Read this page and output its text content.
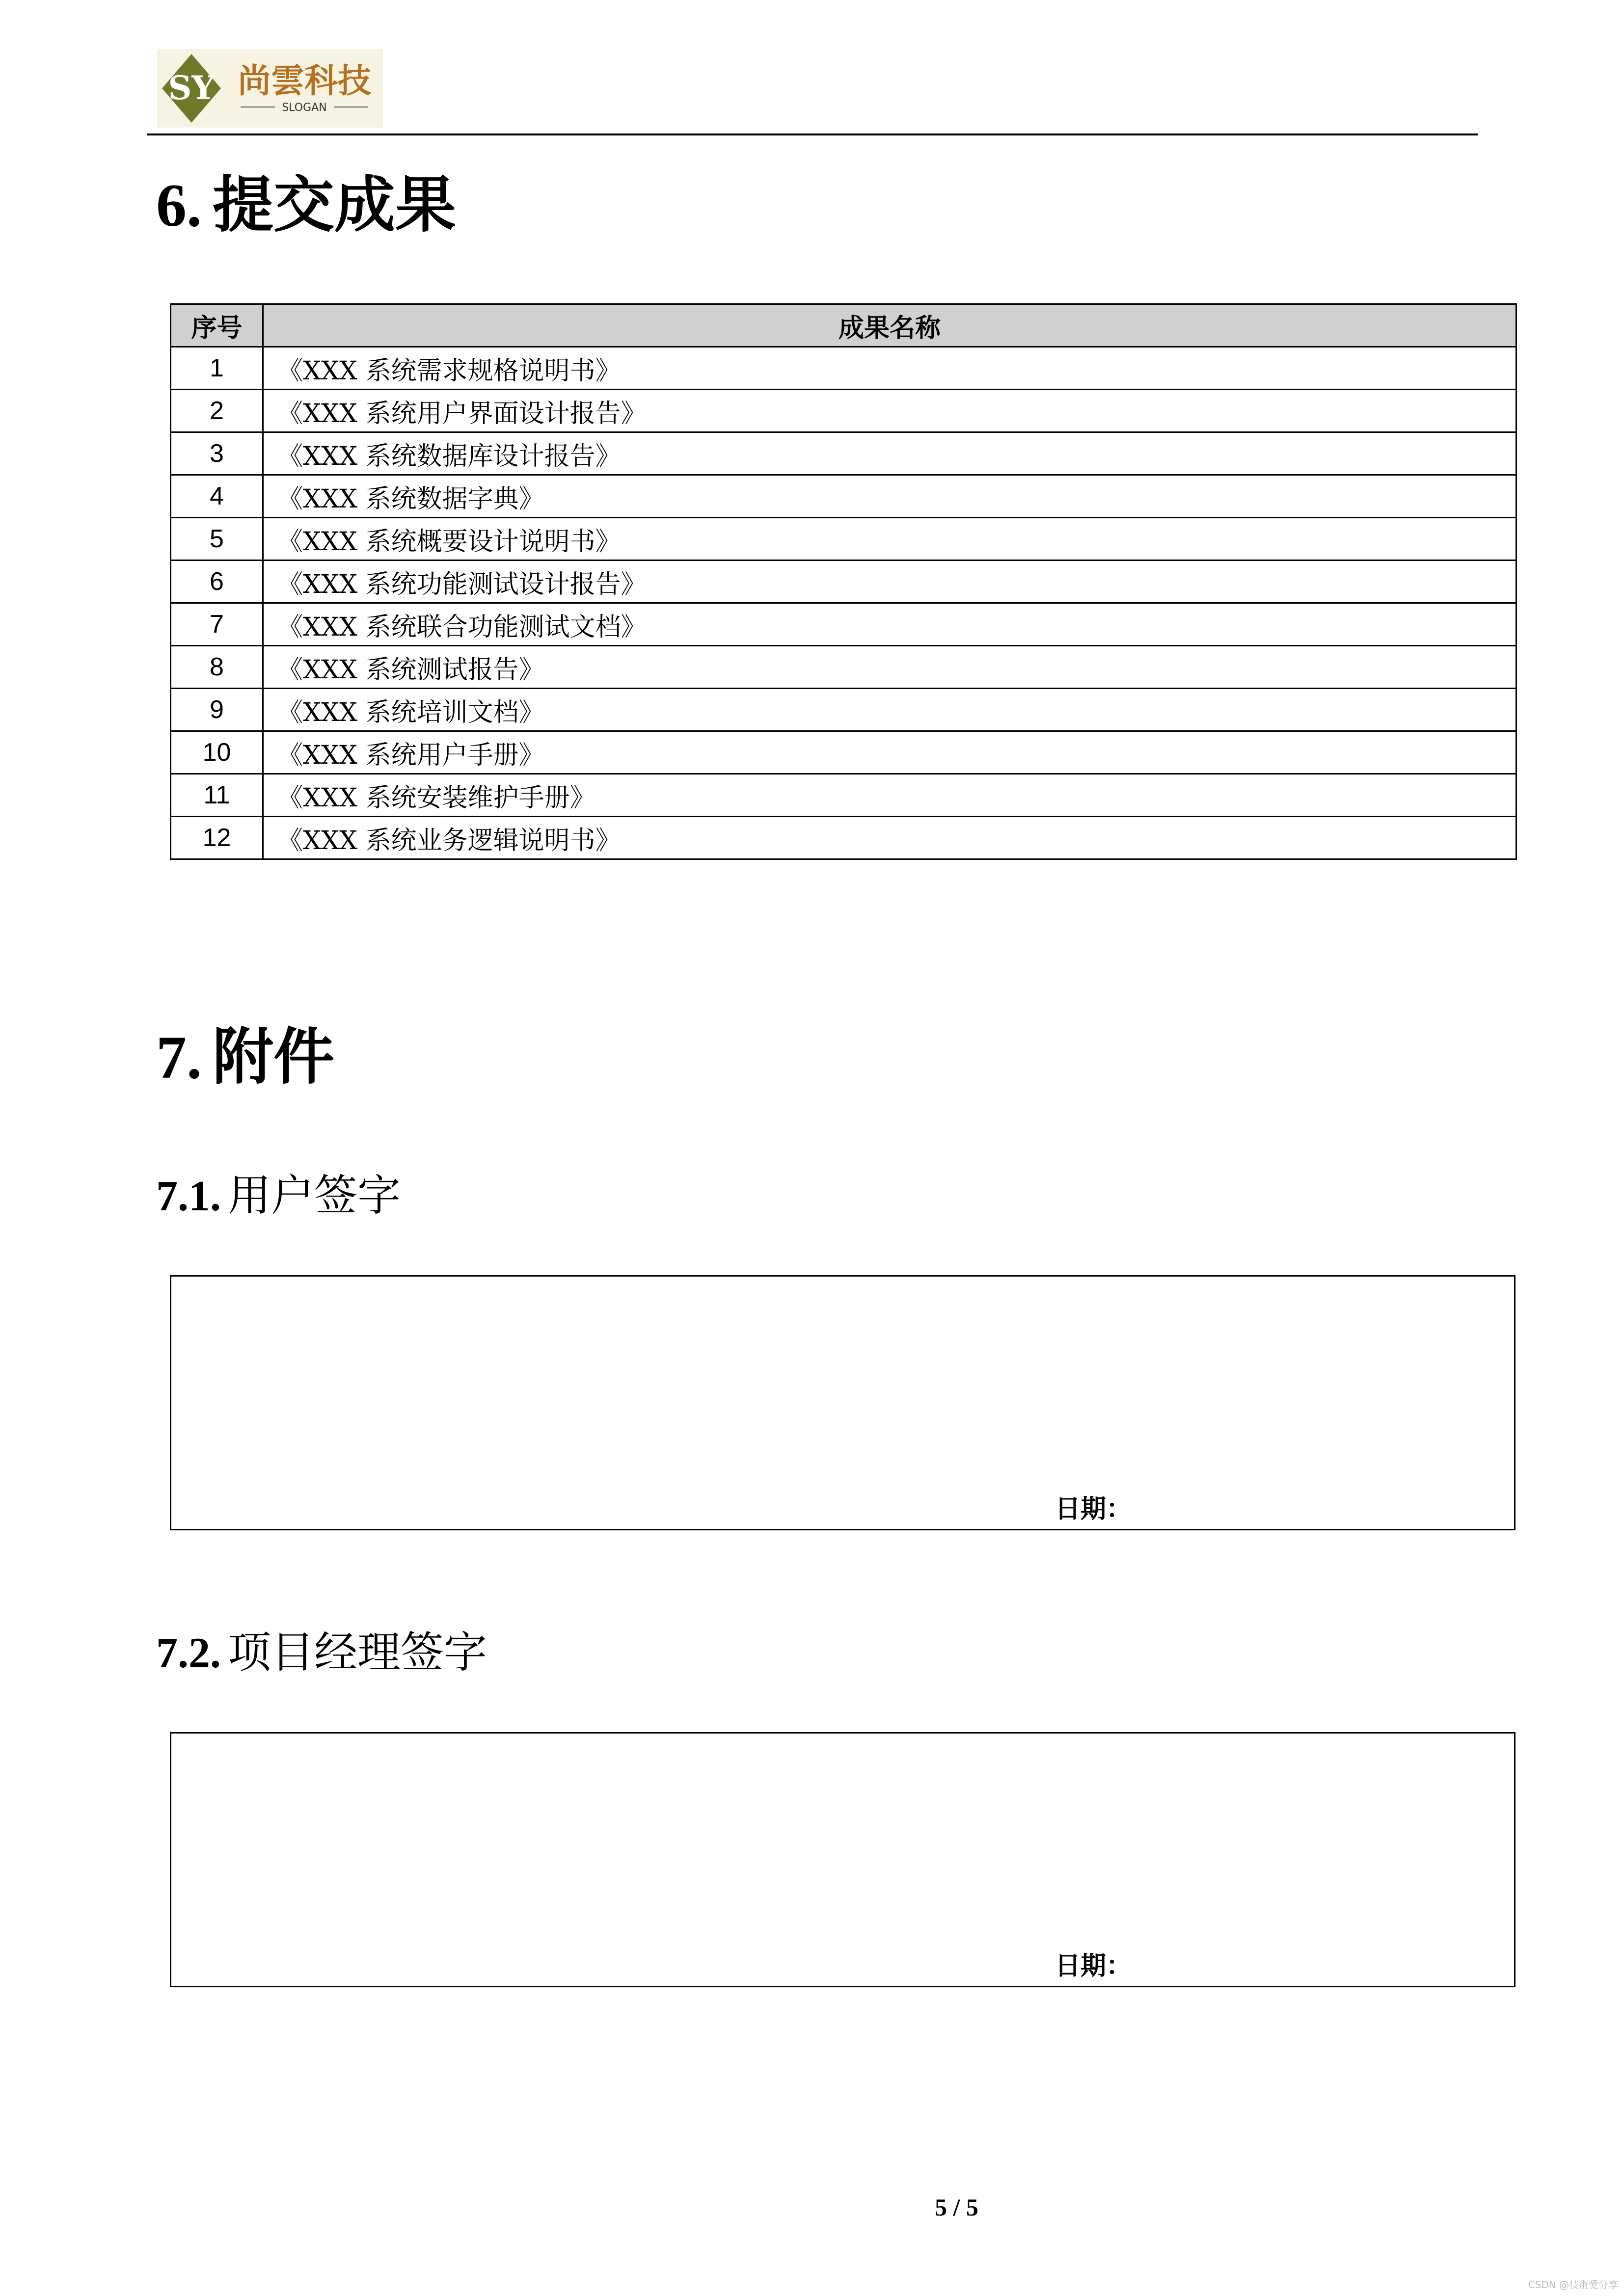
SY 尚雲科技
SLOGAN
6. 提交成果
序号	成果名称
1	《XXX 系统需求规格说明书》
2	《XXX 系统用户界面设计报告》
3	《XXX 系统数据库设计报告》
4	《XXX 系统数据字典》
5	《XXX 系统概要设计说明书》
6	《XXX 系统功能测试设计报告》
7	《XXX 系统联合功能测试文档》
8	《XXX 系统测试报告》
9	《XXX 系统培训文档》
10	《XXX 系统用户手册》
11	《XXX 系统安装维护手册》
12	《XXX 系统业务逻辑说明书》
7. 附件
7.1. 用户签字
日期：
7.2. 项目经理签字
日期：
5 / 5
CSDN @技術愛分享
